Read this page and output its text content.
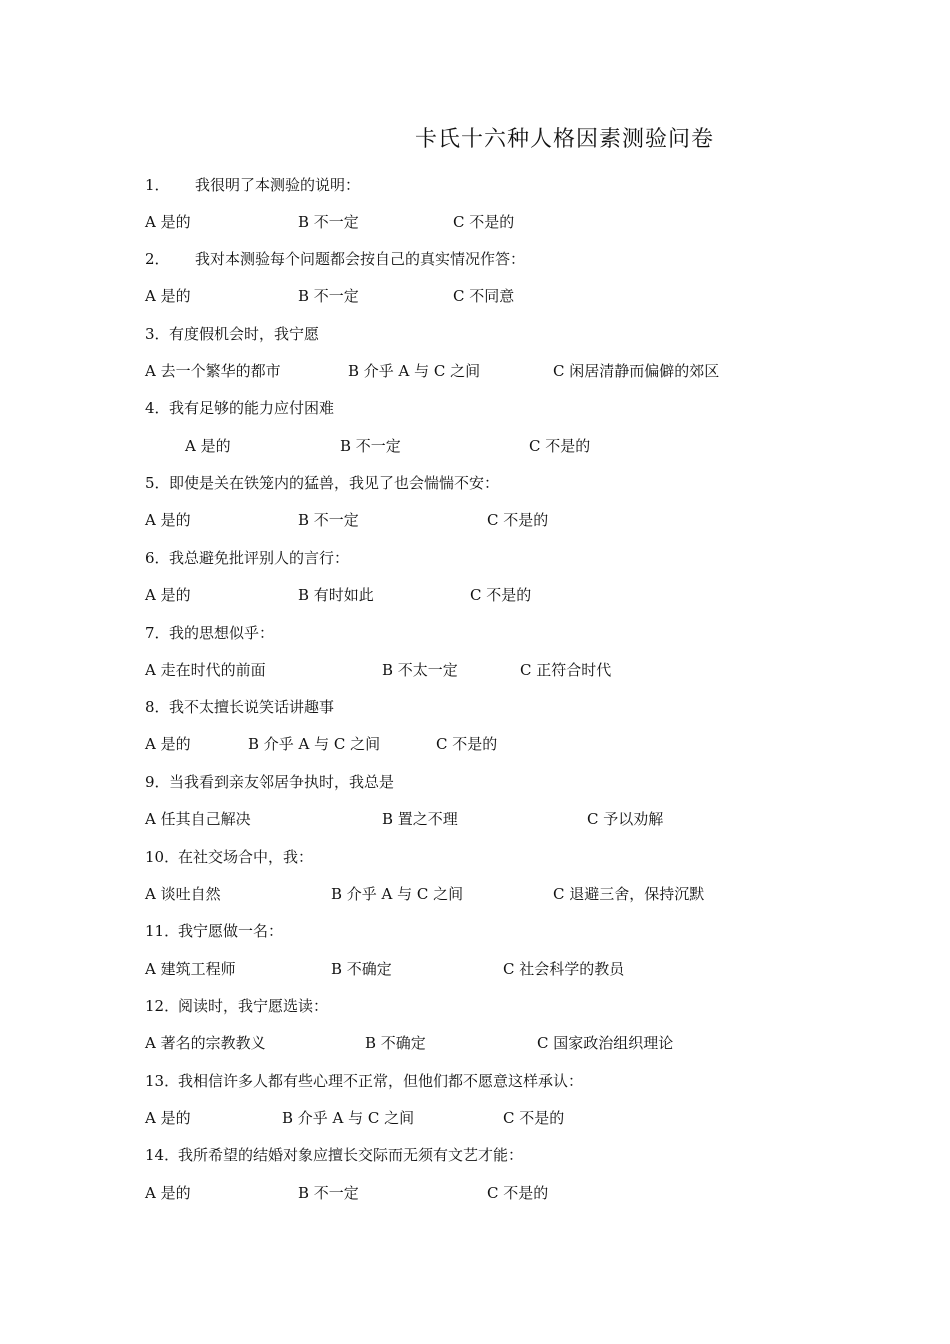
卡氏十六种人格因素测验问卷
1． 我很明了本测验的说明：
A 是的	B 不一定	C 不是的
2． 我对本测验每个问题都会按自己的真实情况作答：
A 是的	B 不一定	C 不同意
3． 有度假机会时，我宁愿
A 去一个繁华的都市	B 介乎 A 与 C 之间	C 闲居清静而偏僻的郊区
4． 我有足够的能力应付困难
A 是的	B 不一定	C 不是的
5． 即使是关在铁笼内的猛兽，我见了也会惴惴不安：
A 是的	B 不一定	C 不是的
6． 我总避免批评别人的言行：
A 是的	B 有时如此	C 不是的
7． 我的思想似乎：
A 走在时代的前面	B 不太一定	C 正符合时代
8． 我不太擅长说笑话讲趣事
A 是的	B 介乎 A 与 C 之间	C 不是的
9． 当我看到亲友邻居争执时，我总是
A 任其自己解决	B 置之不理	C 予以劝解
10．
在社交场合中，我：
A 谈吐自然	B 介乎 A 与 C 之间	C 退避三舍，保持沉默
11．
我宁愿做一名：
A 建筑工程师	B 不确定	C 社会科学的教员
12．
阅读时，我宁愿选读：
A 著名的宗教教义	B 不确定	C 国家政治组织理论
13．
我相信许多人都有些心理不正常，但他们都不愿意这样承认：
A 是的	B 介乎 A 与 C 之间	C 不是的
14．
我所希望的结婚对象应擅长交际而无须有文艺才能：
A 是的	B 不一定	C 不是的
